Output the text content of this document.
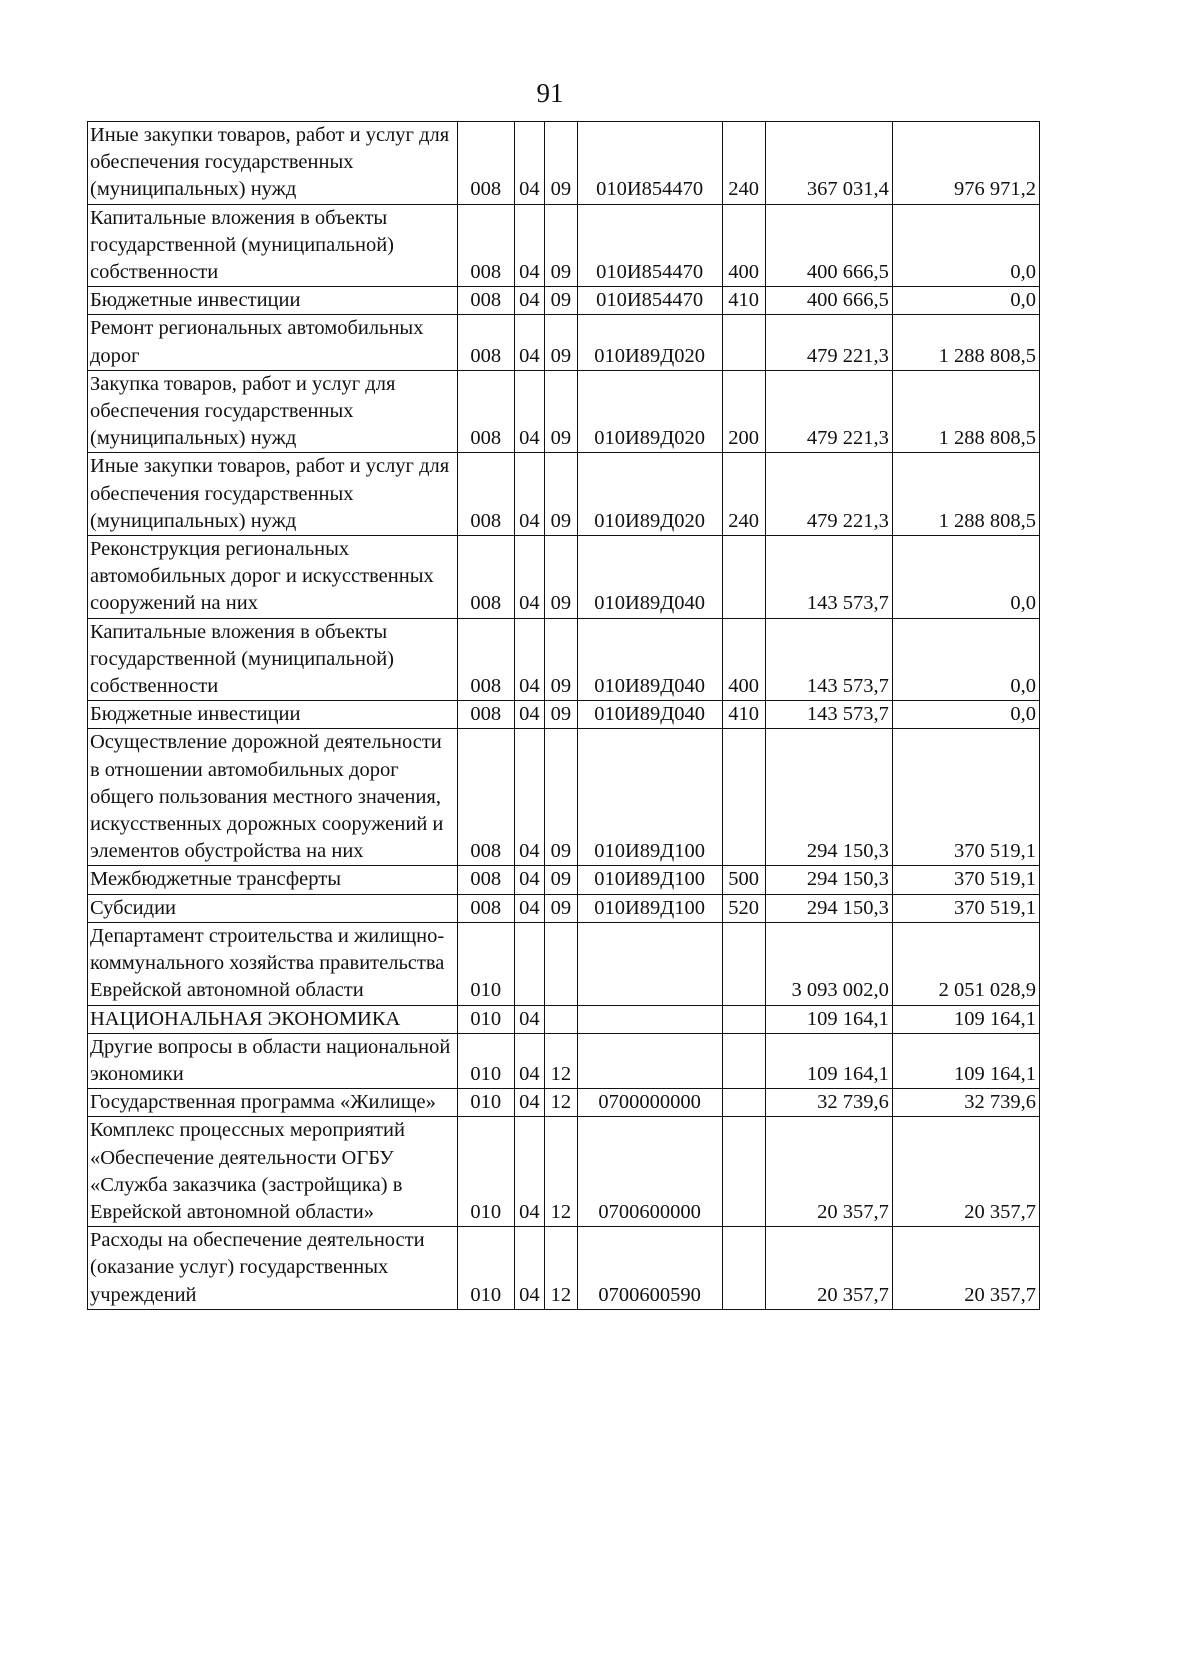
91
Иные закупки товаров, работ и услуг для обеспечения государственных (муниципальных) нужд	008	04	09	010И854470	240	367 031,4	976 971,2
Капитальные вложения в объекты государственной (муниципальной) собственности	008	04	09	010И854470	400	400 666,5	0,0
Бюджетные инвестиции	008	04	09	010И854470	410	400 666,5	0,0
Ремонт региональных автомобильных дорог	008	04	09	010И89Д020		479 221,3	1 288 808,5
Закупка товаров, работ и услуг для обеспечения государственных (муниципальных) нужд	008	04	09	010И89Д020	200	479 221,3	1 288 808,5
Иные закупки товаров, работ и услуг для обеспечения государственных (муниципальных) нужд	008	04	09	010И89Д020	240	479 221,3	1 288 808,5
Реконструкция региональных автомобильных дорог и искусственных сооружений на них	008	04	09	010И89Д040		143 573,7	0,0
Капитальные вложения в объекты государственной (муниципальной) собственности	008	04	09	010И89Д040	400	143 573,7	0,0
Бюджетные инвестиции	008	04	09	010И89Д040	410	143 573,7	0,0
Осуществление дорожной деятельности в отношении автомобильных дорог общего пользования местного значения, искусственных дорожных сооружений и элементов обустройства на них	008	04	09	010И89Д100		294 150,3	370 519,1
Межбюджетные трансферты	008	04	09	010И89Д100	500	294 150,3	370 519,1
Субсидии	008	04	09	010И89Д100	520	294 150,3	370 519,1
Департамент строительства и жилищно-коммунального хозяйства правительства Еврейской автономной области	010					3 093 002,0	2 051 028,9
НАЦИОНАЛЬНАЯ ЭКОНОМИКА	010	04				109 164,1	109 164,1
Другие вопросы в области национальной экономики	010	04	12			109 164,1	109 164,1
Государственная программа «Жилище»	010	04	12	0700000000		32 739,6	32 739,6
Комплекс процессных мероприятий «Обеспечение деятельности ОГБУ «Служба заказчика (застройщика) в Еврейской автономной области»	010	04	12	0700600000		20 357,7	20 357,7
Расходы на обеспечение деятельности (оказание услуг) государственных учреждений	010	04	12	0700600590		20 357,7	20 357,7
